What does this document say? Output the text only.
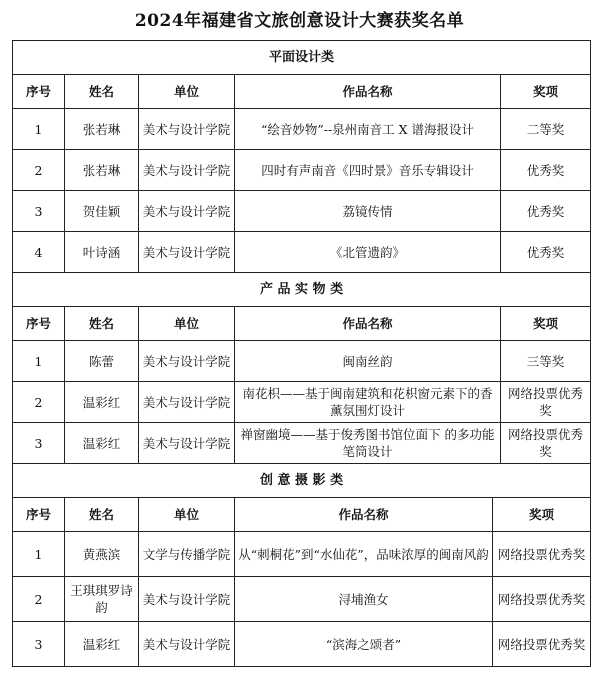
2024年福建省文旅创意设计大赛获奖名单
平面设计类					
序号	姓名	单位	作品名称		奖项
1	张若琳	美术与设计学院	“绘音妙物”--泉州南音工 X 谱海报设计		二等奖
2	张若琳	美术与设计学院	四时有声南音《四时景》音乐专辑设计		优秀奖
3	贺佳颖	美术与设计学院	荔镜传情		优秀奖
4	叶诗涵	美术与设计学院	《北管遗韵》		优秀奖
产 品 实 物 类					
序号	姓名	单位	作品名称		奖项
1	陈蕾	美术与设计学院	闽南丝韵		三等奖
2	温彩红	美术与设计学院	南花枳——基于闽南建筑和花枳窗元素下的香薰氛围灯设计		网络投票优秀奖
3	温彩红	美术与设计学院	禅窗幽境——基于俊秀图书馆位面下 的多功能笔筒设计		网络投票优秀奖
创 意 摄 影 类					
序号	姓名	单位	作品名称	奖项	
1	黄燕滨	文学与传播学院	从“刺桐花”到“水仙花”，品味浓厚的闽南风韵	网络投票优秀奖	
2	王琪琪罗诗韵	美术与设计学院	浔埔渔女	网络投票优秀奖	
3	温彩红	美术与设计学院	“滨海之颂者”	网络投票优秀奖	
